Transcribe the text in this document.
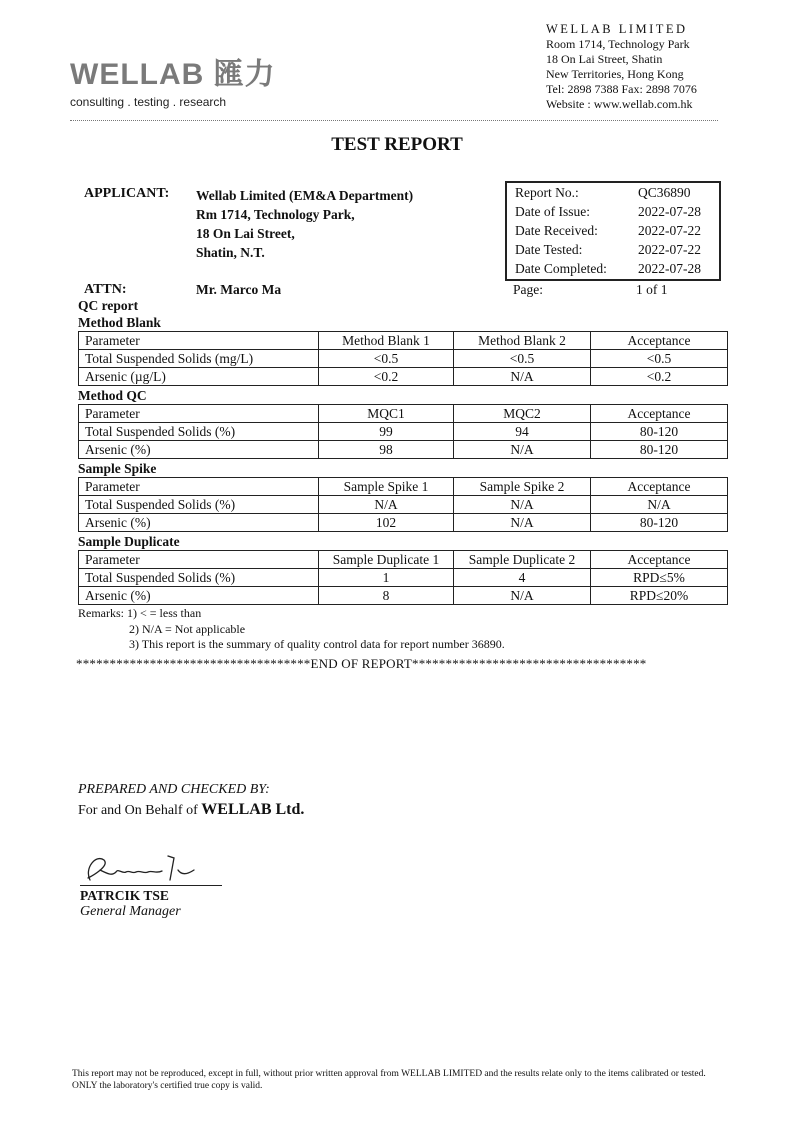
WELLAB 匯力
consulting . testing . research
WELLAB LIMITED
Room 1714, Technology Park
18 On Lai Street, Shatin
New Territories, Hong Kong
Tel: 2898 7388 Fax: 2898 7076
Website : www.wellab.com.hk
TEST REPORT
APPLICANT: Wellab Limited (EM&A Department)
Rm 1714, Technology Park,
18 On Lai Street,
Shatin, N.T.
ATTN:	Mr. Marco Ma
Report No.:	QC36890
Date of Issue:	2022-07-28
Date Received:	2022-07-22
Date Tested:	2022-07-22
Date Completed: 2022-07-28
Page:	1 of 1
QC report
Method Blank
Parameter	Method Blank 1	Method Blank 2	Acceptance
Total Suspended Solids (mg/L)	<0.5	<0.5	<0.5
Arsenic (µg/L)	<0.2	N/A	<0.2
Method QC
Parameter	MQC1	MQC2	Acceptance
Total Suspended Solids (%)	99	94	80-120
Arsenic (%)	98	N/A	80-120
Sample Spike
Parameter	Sample Spike 1	Sample Spike 2	Acceptance
Total Suspended Solids (%)	N/A	N/A	N/A
Arsenic (%)	102	N/A	80-120
Sample Duplicate
Parameter	Sample Duplicate 1	Sample Duplicate 2	Acceptance
Total Suspended Solids (%)	1	4	RPD≤5%
Arsenic (%)	8	N/A	RPD≤20%
Remarks: 1) < = less than
2) N/A = Not applicable
3) This report is the summary of quality control data for report number 36890.
***********************************END OF REPORT***********************************
PREPARED AND CHECKED BY:
For and On Behalf of WELLAB Ltd.
PATRCIK TSE
General Manager
This report may not be reproduced, except in full, without prior written approval from WELLAB LIMITED and the results relate only to the items calibrated or tested. ONLY the laboratory's certified true copy is valid.
